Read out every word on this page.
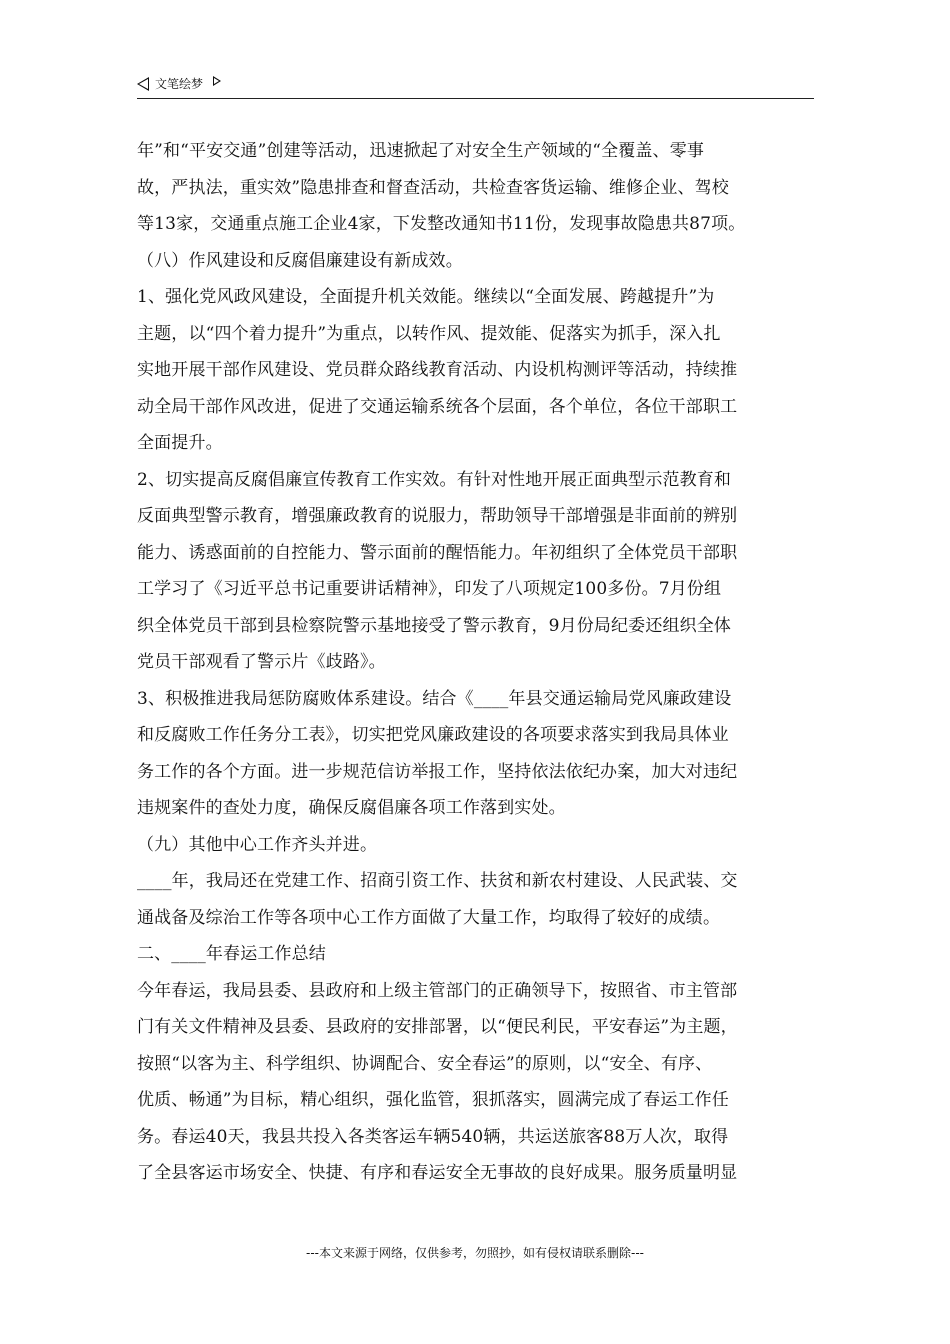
文笔绘梦
年”和“平安交通”创建等活动，迅速掀起了对安全生产领域的“全覆盖、零事
故，严执法，重实效”隐患排查和督查活动，共检查客货运输、维修企业、驾校
等13家，交通重点施工企业4家，下发整改通知书11份，发现事故隐患共87项。
（八）作风建设和反腐倡廉建设有新成效。
1、强化党风政风建设，全面提升机关效能。继续以“全面发展、跨越提升”为
主题，以“四个着力提升”为重点，以转作风、提效能、促落实为抓手，深入扎
实地开展干部作风建设、党员群众路线教育活动、内设机构测评等活动，持续推
动全局干部作风改进，促进了交通运输系统各个层面，各个单位，各位干部职工
全面提升。
2、切实提高反腐倡廉宣传教育工作实效。有针对性地开展正面典型示范教育和
反面典型警示教育，增强廉政教育的说服力，帮助领导干部增强是非面前的辨别
能力、诱惑面前的自控能力、警示面前的醒悟能力。年初组织了全体党员干部职
工学习了《习近平总书记重要讲话精神》，印发了八项规定100多份。7月份组
织全体党员干部到县检察院警示基地接受了警示教育，9月份局纪委还组织全体
党员干部观看了警示片《歧路》。
3、积极推进我局惩防腐败体系建设。结合《____年县交通运输局党风廉政建设
和反腐败工作任务分工表》，切实把党风廉政建设的各项要求落实到我局具体业
务工作的各个方面。进一步规范信访举报工作，坚持依法依纪办案，加大对违纪
违规案件的查处力度，确保反腐倡廉各项工作落到实处。
（九）其他中心工作齐头并进。
____年，我局还在党建工作、招商引资工作、扶贫和新农村建设、人民武装、交
通战备及综治工作等各项中心工作方面做了大量工作，均取得了较好的成绩。
二、____年春运工作总结
今年春运，我局县委、县政府和上级主管部门的正确领导下，按照省、市主管部
门有关文件精神及县委、县政府的安排部署，以“便民利民，平安春运”为主题，
按照“以客为主、科学组织、协调配合、安全春运”的原则，以“安全、有序、
优质、畅通”为目标，精心组织，强化监管，狠抓落实，圆满完成了春运工作任
务。春运40天，我县共投入各类客运车辆540辆，共运送旅客88万人次，取得
了全县客运市场安全、快捷、有序和春运安全无事故的良好成果。服务质量明显
---本文来源于网络，仅供参考，勿照抄，如有侵权请联系删除---
